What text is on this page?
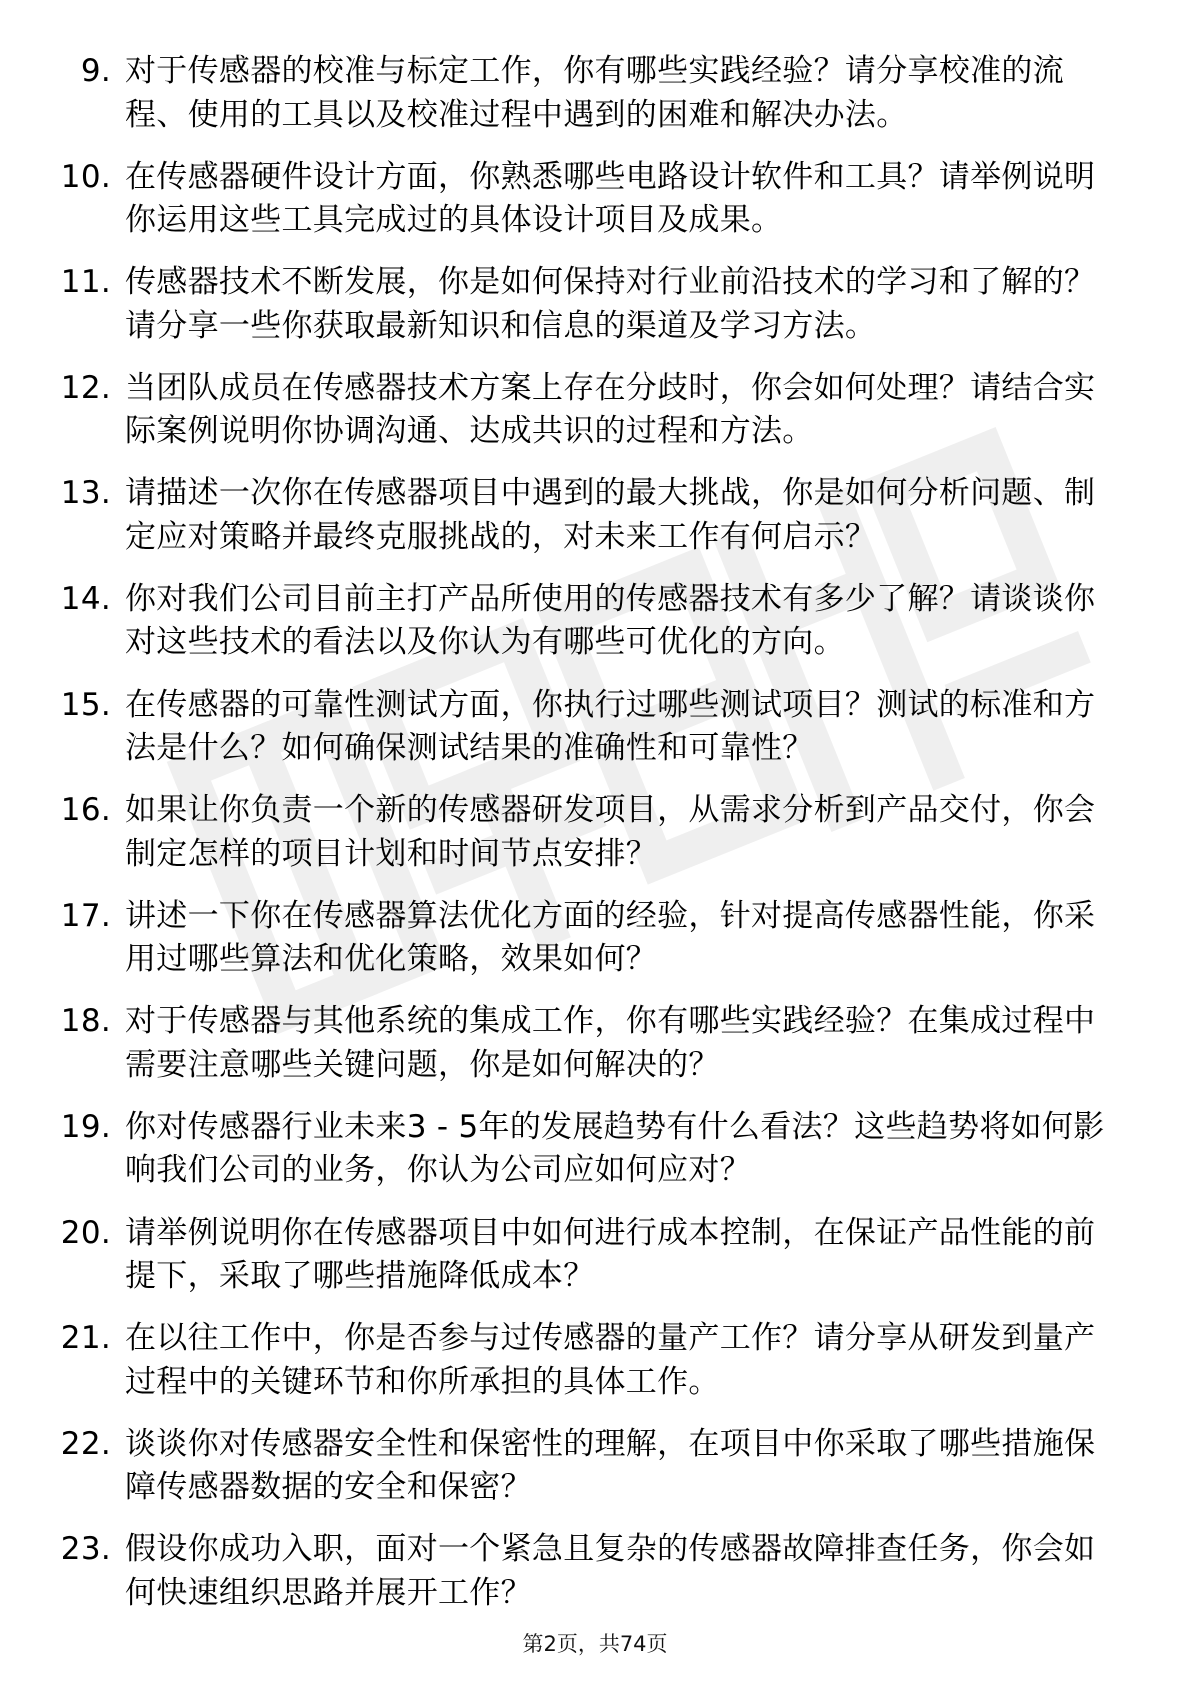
9. 对于传感器的校准与标定工作，你有哪些实践经验？请分享校准的流程、使用的工具以及校准过程中遇到的困难和解决办法。
10. 在传感器硬件设计方面，你熟悉哪些电路设计软件和工具？请举例说明你运用这些工具完成过的具体设计项目及成果。
11. 传感器技术不断发展，你是如何保持对行业前沿技术的学习和了解的？请分享一些你获取最新知识和信息的渠道及学习方法。
12. 当团队成员在传感器技术方案上存在分歧时，你会如何处理？请结合实际案例说明你协调沟通、达成共识的过程和方法。
13. 请描述一次你在传感器项目中遇到的最大挑战，你是如何分析问题、制定应对策略并最终克服挑战的，对未来工作有何启示？
14. 你对我们公司目前主打产品所使用的传感器技术有多少了解？请谈谈你对这些技术的看法以及你认为有哪些可优化的方向。
15. 在传感器的可靠性测试方面，你执行过哪些测试项目？测试的标准和方法是什么？如何确保测试结果的准确性和可靠性？
16. 如果让你负责一个新的传感器研发项目，从需求分析到产品交付，你会制定怎样的项目计划和时间节点安排？
17. 讲述一下你在传感器算法优化方面的经验，针对提高传感器性能，你采用过哪些算法和优化策略，效果如何？
18. 对于传感器与其他系统的集成工作，你有哪些实践经验？在集成过程中需要注意哪些关键问题，你是如何解决的？
19. 你对传感器行业未来3 - 5年的发展趋势有什么看法？这些趋势将如何影响我们公司的业务，你认为公司应如何应对？
20. 请举例说明你在传感器项目中如何进行成本控制，在保证产品性能的前提下，采取了哪些措施降低成本？
21. 在以往工作中，你是否参与过传感器的量产工作？请分享从研发到量产过程中的关键环节和你所承担的具体工作。
22. 谈谈你对传感器安全性和保密性的理解，在项目中你采取了哪些措施保障传感器数据的安全和保密？
23. 假设你成功入职，面对一个紧急且复杂的传感器故障排查任务，你会如何快速组织思路并展开工作？
第2页，共74页
